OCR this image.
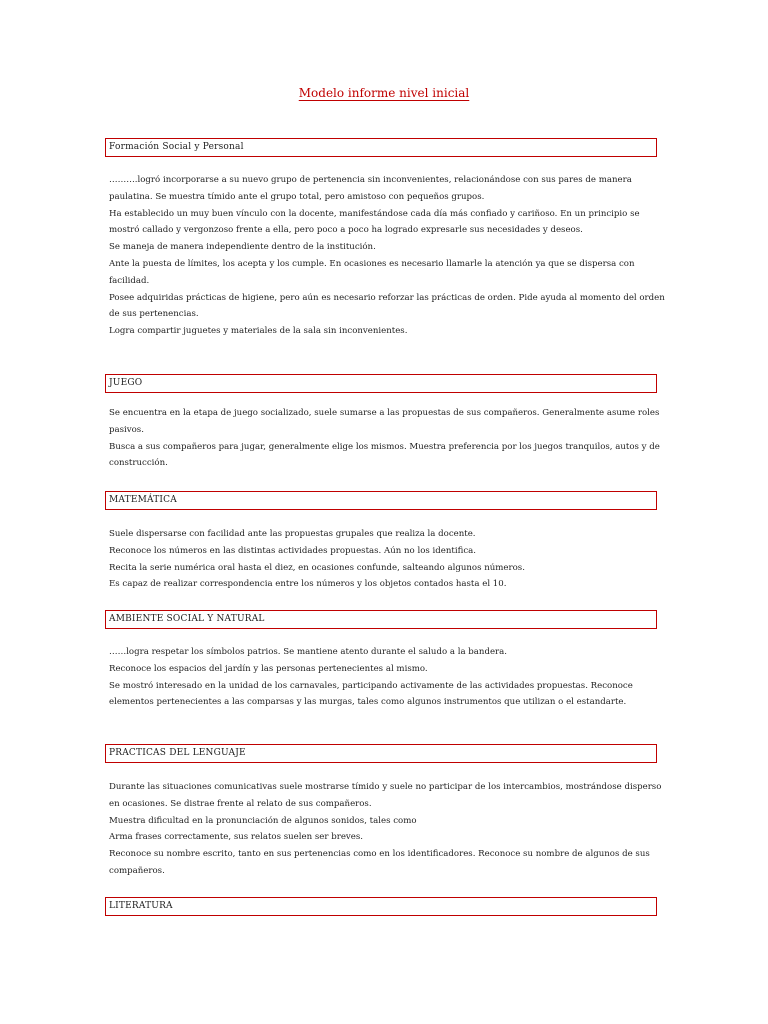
Modelo informe nivel inicial
Formación Social y Personal
……….logró incorporarse a su nuevo grupo de pertenencia sin inconvenientes, relacionándose con sus pares de manera
paulatina. Se muestra tímido ante el grupo total, pero amistoso con pequeños grupos.
Ha establecido un muy buen vínculo con la docente, manifestándose cada día más confiado y cariñoso. En un principio se
mostró callado y vergonzoso frente a ella, pero poco a poco ha logrado expresarle sus necesidades y deseos.
Se maneja de manera independiente dentro de la institución.
Ante la puesta de límites, los acepta y los cumple. En ocasiones es necesario llamarle la atención ya que se dispersa con
facilidad.
Posee adquiridas prácticas de higiene, pero aún es necesario reforzar las prácticas de orden. Pide ayuda al momento del orden
de sus pertenencias.
Logra compartir juguetes y materiales de la sala sin inconvenientes.
JUEGO
Se encuentra en la etapa de juego socializado, suele sumarse a las propuestas de sus compañeros. Generalmente asume roles
pasivos.
Busca a sus compañeros para jugar, generalmente elige los mismos. Muestra preferencia por los juegos tranquilos, autos y de
construcción.
MATEMÁTICA
Suele dispersarse con facilidad ante las propuestas grupales que realiza la docente.
Reconoce los números en las distintas actividades propuestas. Aún no los identifica.
Recita la serie numérica oral hasta el diez, en ocasiones confunde, salteando algunos números.
Es capaz de realizar correspondencia entre los números y los objetos contados hasta el 10.
AMBIENTE SOCIAL Y NATURAL
……logra respetar los símbolos patrios. Se mantiene atento durante el saludo a la bandera.
Reconoce los espacios del jardín y las personas pertenecientes al mismo.
Se mostró interesado en la unidad de los carnavales, participando activamente de las actividades propuestas. Reconoce
elementos pertenecientes a las comparsas y las murgas, tales como algunos instrumentos que utilizan o el estandarte.
PRACTICAS DEL LENGUAJE
Durante las situaciones comunicativas suele mostrarse tímido y suele no participar de los intercambios, mostrándose disperso
en ocasiones. Se distrae frente al relato de sus compañeros.
Muestra dificultad en la pronunciación de algunos sonidos, tales como
Arma frases correctamente, sus relatos suelen ser breves.
Reconoce su nombre escrito, tanto en sus pertenencias como en los identificadores. Reconoce su nombre de algunos de sus
compañeros.
LITERATURA
